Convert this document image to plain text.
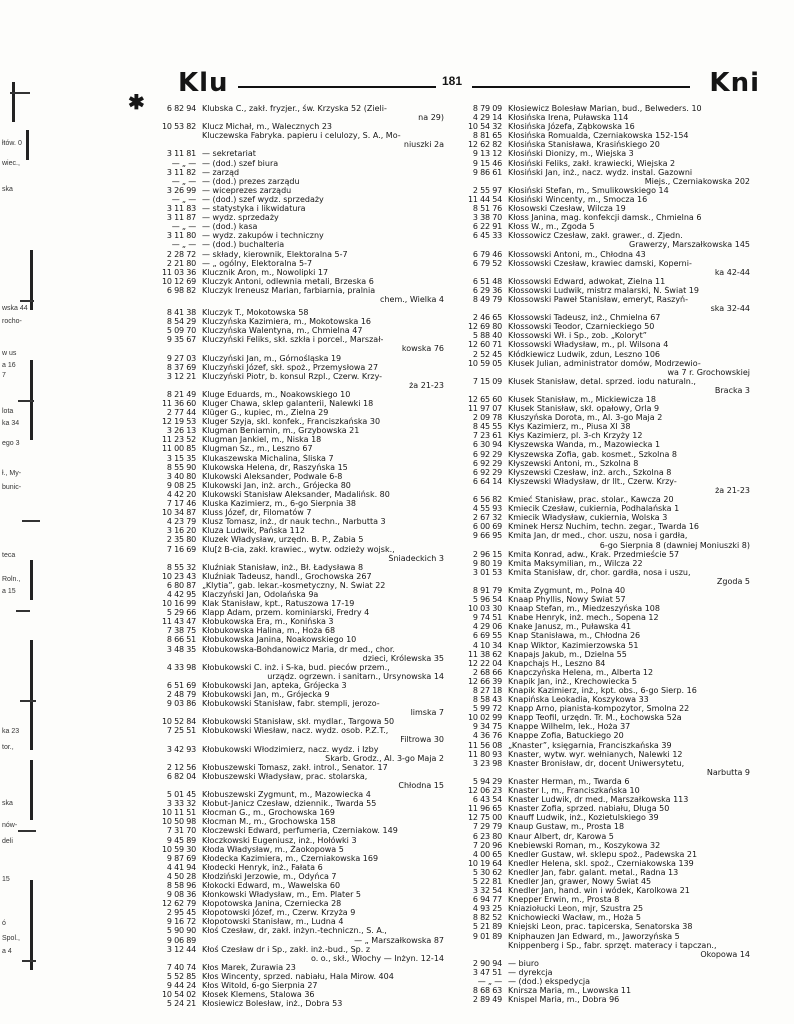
łtów. 0
wiec.,
ska
wska 44
rocho-
w us
a 16
7
lota
ka 34
ego 3
ł., My-
bunic-
teca
Roln.,
a 15
ka 23
tor.,
ska
nów-
deli
15
ó
Spol.,
a 4
Klu	181	Kni
✱	6 82 94 Klubska C., zakł. fryzjer., św. Krzyska 52 (Zieli-
na 29)
10 53 82 Klucz Michał, m., Walecznych 23
Kluczewska Fabryka. papieru i celulozy, S. A., Mo-
niuszki 2a
3 11 81 — sekretariat
— „ — — (dod.) szef biura
3 11 82 — zarząd
— „ — — (dod.) prezes zarządu
3 26 99 — wiceprezes zarządu
— „ — — (dod.) szef wydz. sprzedaży
3 11 83 — statystyka i likwidatura
3 11 87 — wydz. sprzedaży
— „ — — (dod.) kasa
3 11 80 — wydz. zakupów i techniczny
— „ — — (dod.) buchalteria
2 28 72 — składy, kierownik, Elektoralna 5-7
2 21 80 — „ ogólny, Elektoralna 5-7
11 03 36 Klucznik Aron, m., Nowolipki 17
10 12 69 Kluczyk Antoni, odlewnia metali, Brzeska 6
6 98 82 Kluczyk Ireneusz Marian, farbiarnia, pralnia
chem., Wielka 4
8 41 38 Kluczyk T., Mokotowska 58
8 54 29 Kluczyńska Kazimiera, m., Mokotowska 16
5 09 70 Kluczyńska Walentyna, m., Chmielna 47
9 35 67 Kluczyński Feliks, skł. szkła i porcel., Marszał-
kowska 76
9 27 03 Kluczyński Jan, m., Górnośląska 19
8 37 69 Kluczyński Józef, skł. spoż., Przemysłowa 27
3 12 21 Kluczyński Piotr, b. konsul Rzpl., Czerw. Krzy-
ża 21-23
8 21 49 Kluge Eduards, m., Noakowskiego 10
11 36 60 Kluger Chawa, sklep galanterii, Nalewki 18
2 77 44 Klüger G., kupiec, m., Zielna 29
12 19 53 Kluger Szyja, skl. konfek., Franciszkańska 30
3 26 13 Klugman Beniamin, m., Grzybowska 21
11 23 52 Klugman Jankiel, m., Niska 18
11 00 85 Klugman Sz., m., Leszno 67
3 15 35 Klukaszewska Michalina, Śliska 7
8 55 90 Klukowska Helena, dr, Raszyńska 15
3 40 80 Klukowski Aleksander, Podwale 6-8
9 08 25 Klukowski Jan, inż. arch., Grójecka 80
4 42 20 Klukowski Stanisław Aleksander, Madalińsk. 80
7 17 46 Kluska Kazimierz, m., 6-go Sierpnia 38
10 34 87 Kluss Józef, dr, Filomatów 7
4 23 79 Klusz Tomasz, inż., dr nauk techn., Narbutta 3
3 16 20 Kluza Ludwik, Pańska 112
2 35 80 Kluzek Władysław, urzędn. B. P., Żabia 5
7 16 69 Klu[ż B-cia, zakł. krawiec., wytw. odzieży wojsk.,
Śniadeckich 3
8 55 32 Kluźniak Stanisław, inż., Bł. Ładysława 8
10 23 43 Kluźniak Tadeusz, handl., Grochowska 267
6 80 87 „Klytia”, gab. lekar.-kosmetyczny, N. Świat 22
4 42 95 Klaczyński Jan, Odolańska 9a
10 16 99 Klak Stanisław, kpt., Ratuszowa 17-19
5 29 66 Klapp Adam, przem. kominiarski, Fredry 4
11 43 47 Kłobukowska Era, m., Konińska 3
7 38 75 Kłobukowska Halina, m., Hoża 68
8 66 51 Kłobukowska Janina, Noakowskiego 10
3 48 35 Kłobukowska-Bohdanowicz Maria, dr med., chor.
dzieci, Królewska 35
4 33 98 Kłobukowski C. inż. i S-ka, bud. pieców przem.,
urządz. ogrzewn. i sanitarn., Ursynowska 14
6 51 69 Kłobukowski Jan, apteka, Grójecka 3
2 48 79 Kłobukowski Jan, m., Grójecka 9
9 03 86 Kłobukowski Stanisław, fabr. stempli, jerozo-
limska 7
10 52 84 Kłobukowski Stanisław, skł. mydlar., Targowa 50
7 25 51 Kłobukowski Wiesław, nacz. wydz. osob. P.Z.T.,
Filtrowa 30
3 42 93 Kłobukowski Włodzimierz, nacz. wydz. i Izby
Skarb. Grodz., Al. 3-go Maja 2
2 12 56 Kłobuszewski Tomasz, zakł. introl., Senator. 17
6 82 04 Kłobuszewski Władysław, prac. stolarska,
Chłodna 15
5 01 45 Kłobuszewski Zygmunt, m., Mazowiecka 4
3 33 32 Kłobut-Janicz Czesław, dziennik., Twarda 55
10 11 51 Kłocman G., m., Grochowska 169
10 50 98 Kłocman M., m., Grochowska 158
7 31 70 Kłoczewski Edward, perfumeria, Czerniakow. 149
9 45 89 Kłoczkowski Eugeniusz, inż., Hołówki 3
10 59 30 Kłoda Władysław, m., Żaokopowa 5
9 87 69 Kłodecka Kazimiera, m., Czerniakowska 169
4 41 94 Kłodecki Henryk, inż., Fałata 6
4 50 28 Kłodziński Jerzowie, m., Odyńca 7
8 58 96 Kłokocki Edward, m., Wawelska 60
9 08 36 Kłonkowski Władysław, m., Em. Plater 5
12 62 79 Kłopotowska Janina, Czerniecka 28
2 95 45 Kłopotowski Józef, m., Czerw. Krzyża 9
9 16 72 Kłopotowski Stanisław, m., Ludna 4
5 90 90 Kłoś Czesław, dr, zakł. inżyn.-techniczn., S. A.,
9 06 89	— „ Marszałkowska 87
3 12 44 Kłoś Czesław dr i Sp., zakł. inż.-bud., Sp. z
o. o., skł., Włochy — Inżyn. 12-14
7 40 74 Kłos Marek, Żurawia 23
5 52 85 Kłos Wincenty, sprzed. nabiału, Hala Mirow. 404
9 44 24 Kłos Witold, 6-go Sierpnia 27
10 54 02 Kłosek Klemens, Stalowa 36
5 24 21 Kłosiewicz Bolesław, inż., Dobra 53
8 79 09 Kłosiewicz Bolesław Marian, bud., Belweders. 10
4 29 14 Kłosińska Irena, Puławska 114
10 54 32 Kłosińska Józefa, Ząbkowska 16
8 81 65 Kłosińska Romualda, Czerniakowska 152-154
12 62 82 Kłosińska Stanisława, Krasińskiego 20
9 13 12 Kłosiński Dionizy, m., Wiejska 3
9 15 46 Kłosiński Feliks, zakł. krawiecki, Wiejska 2
9 86 61 Kłosiński Jan, inż., nacz. wydz. instal. Gazowni
Miejs., Czerniakowska 202
2 55 97 Kłosiński Stefan, m., Smulikowskiego 14
11 44 54 Kłosiński Wincenty, m., Smocza 16
8 51 76 Kłosowski Czesław, Wilcza 19
3 38 70 Kłoss Janina, mag. konfekcji damsk., Chmielna 6
6 22 91 Kłoss W., m., Zgoda 5
6 45 33 Kłossowicz Czesław, zakł. grawer., d. Zjedn.
Grawerzy, Marszałkowska 145
6 79 46 Kłossowski Antoni, m., Chłodna 43
6 79 52 Kłossowski Czesław, krawiec damski, Koperni-
ka 42-44
6 51 48 Kłossowski Edward, adwokat, Zielna 11
6 29 36 Kłossowski Ludwik, mistrz malarski, N. Świat 19
8 49 79 Kłossowski Paweł Stanisław, emeryt, Raszyń-
ska 32-44
2 46 65 Kłossowski Tadeusz, inż., Chmielna 67
12 69 80 Kłossowski Teodor, Czarnieckiego 50
5 88 40 Kłossowski Wł. i Sp., zob. „Koloryt”
12 60 71 Kłossowski Władysław, m., pl. Wilsona 4
2 52 45 Kłódkiewicz Ludwik, zdun, Leszno 106
10 59 05 Kłusek Julian, administrator domów, Modrzewio-
wa 7 r. Grochowskiej
7 15 09 Kłusek Stanisław, detal. sprzed. iodu naturaln.,
Bracka 3
12 65 60 Kłusek Stanisław, m., Mickiewicza 18
11 97 07 Kłusek Stanisław, skł. opałowy, Orla 9
2 09 78 Kłuszyńska Dorota, m., Al. 3-go Maja 2
8 45 55 Kłys Kazimierz, m., Piusa XI 38
7 23 61 Kłys Kazimierz, pl. 3-ch Krzyży 12
6 30 94 Kłyszewska Wanda, m., Mazowiecka 1
6 92 29 Kłyszewska Zofia, gab. kosmet., Szkolna 8
6 92 29 Kłyszewski Antoni, m., Szkolna 8
6 92 29 Kłyszewski Czesław, inż. arch., Szkolna 8
6 64 14 Kłyszewski Władysław, dr llt., Czerw. Krzy-
ża 21-23
6 56 82 Kmieć Stanisław, prac. stolar., Kawcza 20
4 55 93 Kmiecik Czesław, cukiernia, Podhalańska 1
2 67 32 Kmiecik Władysław, cukiernia, Wolska 3
6 00 69 Kminek Hersz Nuchim, techn. zegar., Twarda 16
9 66 95 Kmita Jan, dr med., chor. uszu, nosa i gardła,
6-go Sierpnia 8 (dawniej Moniuszki 8)
2 96 15 Kmita Konrad, adw., Krak. Przedmieście 57
9 80 19 Kmita Maksymilian, m., Wilcza 22
3 01 53 Kmita Stanisław, dr, chor. gardła, nosa i uszu,
Zgoda 5
8 91 79 Kmita Zygmunt, m., Polna 40
5 96 54 Knaap Phyllis, Nowy Świat 57
10 03 30 Knaap Stefan, m., Miedzeszyńska 108
9 74 51 Knabe Henryk, inż. mech., Sopena 12
4 29 06 Knake Janusz, m., Puławska 41
6 69 55 Knap Stanisława, m., Chłodna 26
4 10 34 Knap Wiktor, Kazimierzowska 51
11 38 62 Knapajs Jakub, m., Dzielna 55
12 22 04 Knapchajs H., Leszno 84
2 68 66 Knapczyńska Helena, m., Alberta 12
12 66 39 Knapik Jan, inż., Krechowiecka 5
8 27 18 Knapik Kazimierz, inż., kpt. obs., 6-go Sierp. 16
8 58 43 Knapińska Leokadia, Koszykowa 33
5 99 72 Knapp Arno, pianista-kompozytor, Smolna 22
10 02 99 Knapp Teofil, urzędn. Tr. M., Łochowska 52a
9 34 75 Knappe Wilhelm, lek., Hoża 37
4 36 76 Knappe Zofia, Batuckiego 20
11 56 08 „Knaster”, księgarnia, Franciszkańska 39
11 80 93 Knaster, wytw. wyr. wełnianych, Nalewki 12
3 23 98 Knaster Bronisław, dr, docent Uniwersytetu,
Narbutta 9
5 94 29 Knaster Herman, m., Twarda 6
12 06 23 Knaster I., m., Franciszkańska 10
6 43 54 Knaster Ludwik, dr med., Marszałkowska 113
11 96 65 Knaster Zofia, sprzed. nabiału, Długa 50
12 75 00 Knauff Ludwik, inż., Kozietulskiego 39
7 29 79 Knaup Gustaw, m., Prosta 18
6 23 80 Knaur Albert, dr, Karowa 5
7 20 96 Knebiewski Roman, m., Koszykowa 32
4 00 65 Knedler Gustaw, wł. sklepu spoż., Padewska 21
10 19 64 Knedler Helena, skl. spoż., Czerniakowska 139
5 30 62 Knedler Jan, fabr. galant. metal., Radna 13
5 22 81 Knedler Jan, grawer, Nowy Świat 45
3 32 54 Knedler Jan, hand. win i wódek, Karolkowa 21
6 94 77 Knepper Erwin, m., Prosta 8
4 93 25 Kniaziołucki Leon, mjr, Szustra 25
8 82 52 Knichowiecki Wacław, m., Hoża 5
5 21 89 Kniejski Leon, prac. tapicerska, Senatorska 38
9 01 89 Kniphauzen Jan Edward, m., Jaworzyńska 5
Knippenberg i Sp., fabr. sprzęt. materacy i tapczan.,
Okopowa 14
2 90 94 — biuro
3 47 51 — dyrekcja
— „ — — (dod.) ekspedycja
8 68 63 Knirsza Maria, m., Lwowska 11
2 89 49 Knispel Maria, m., Dobra 96
